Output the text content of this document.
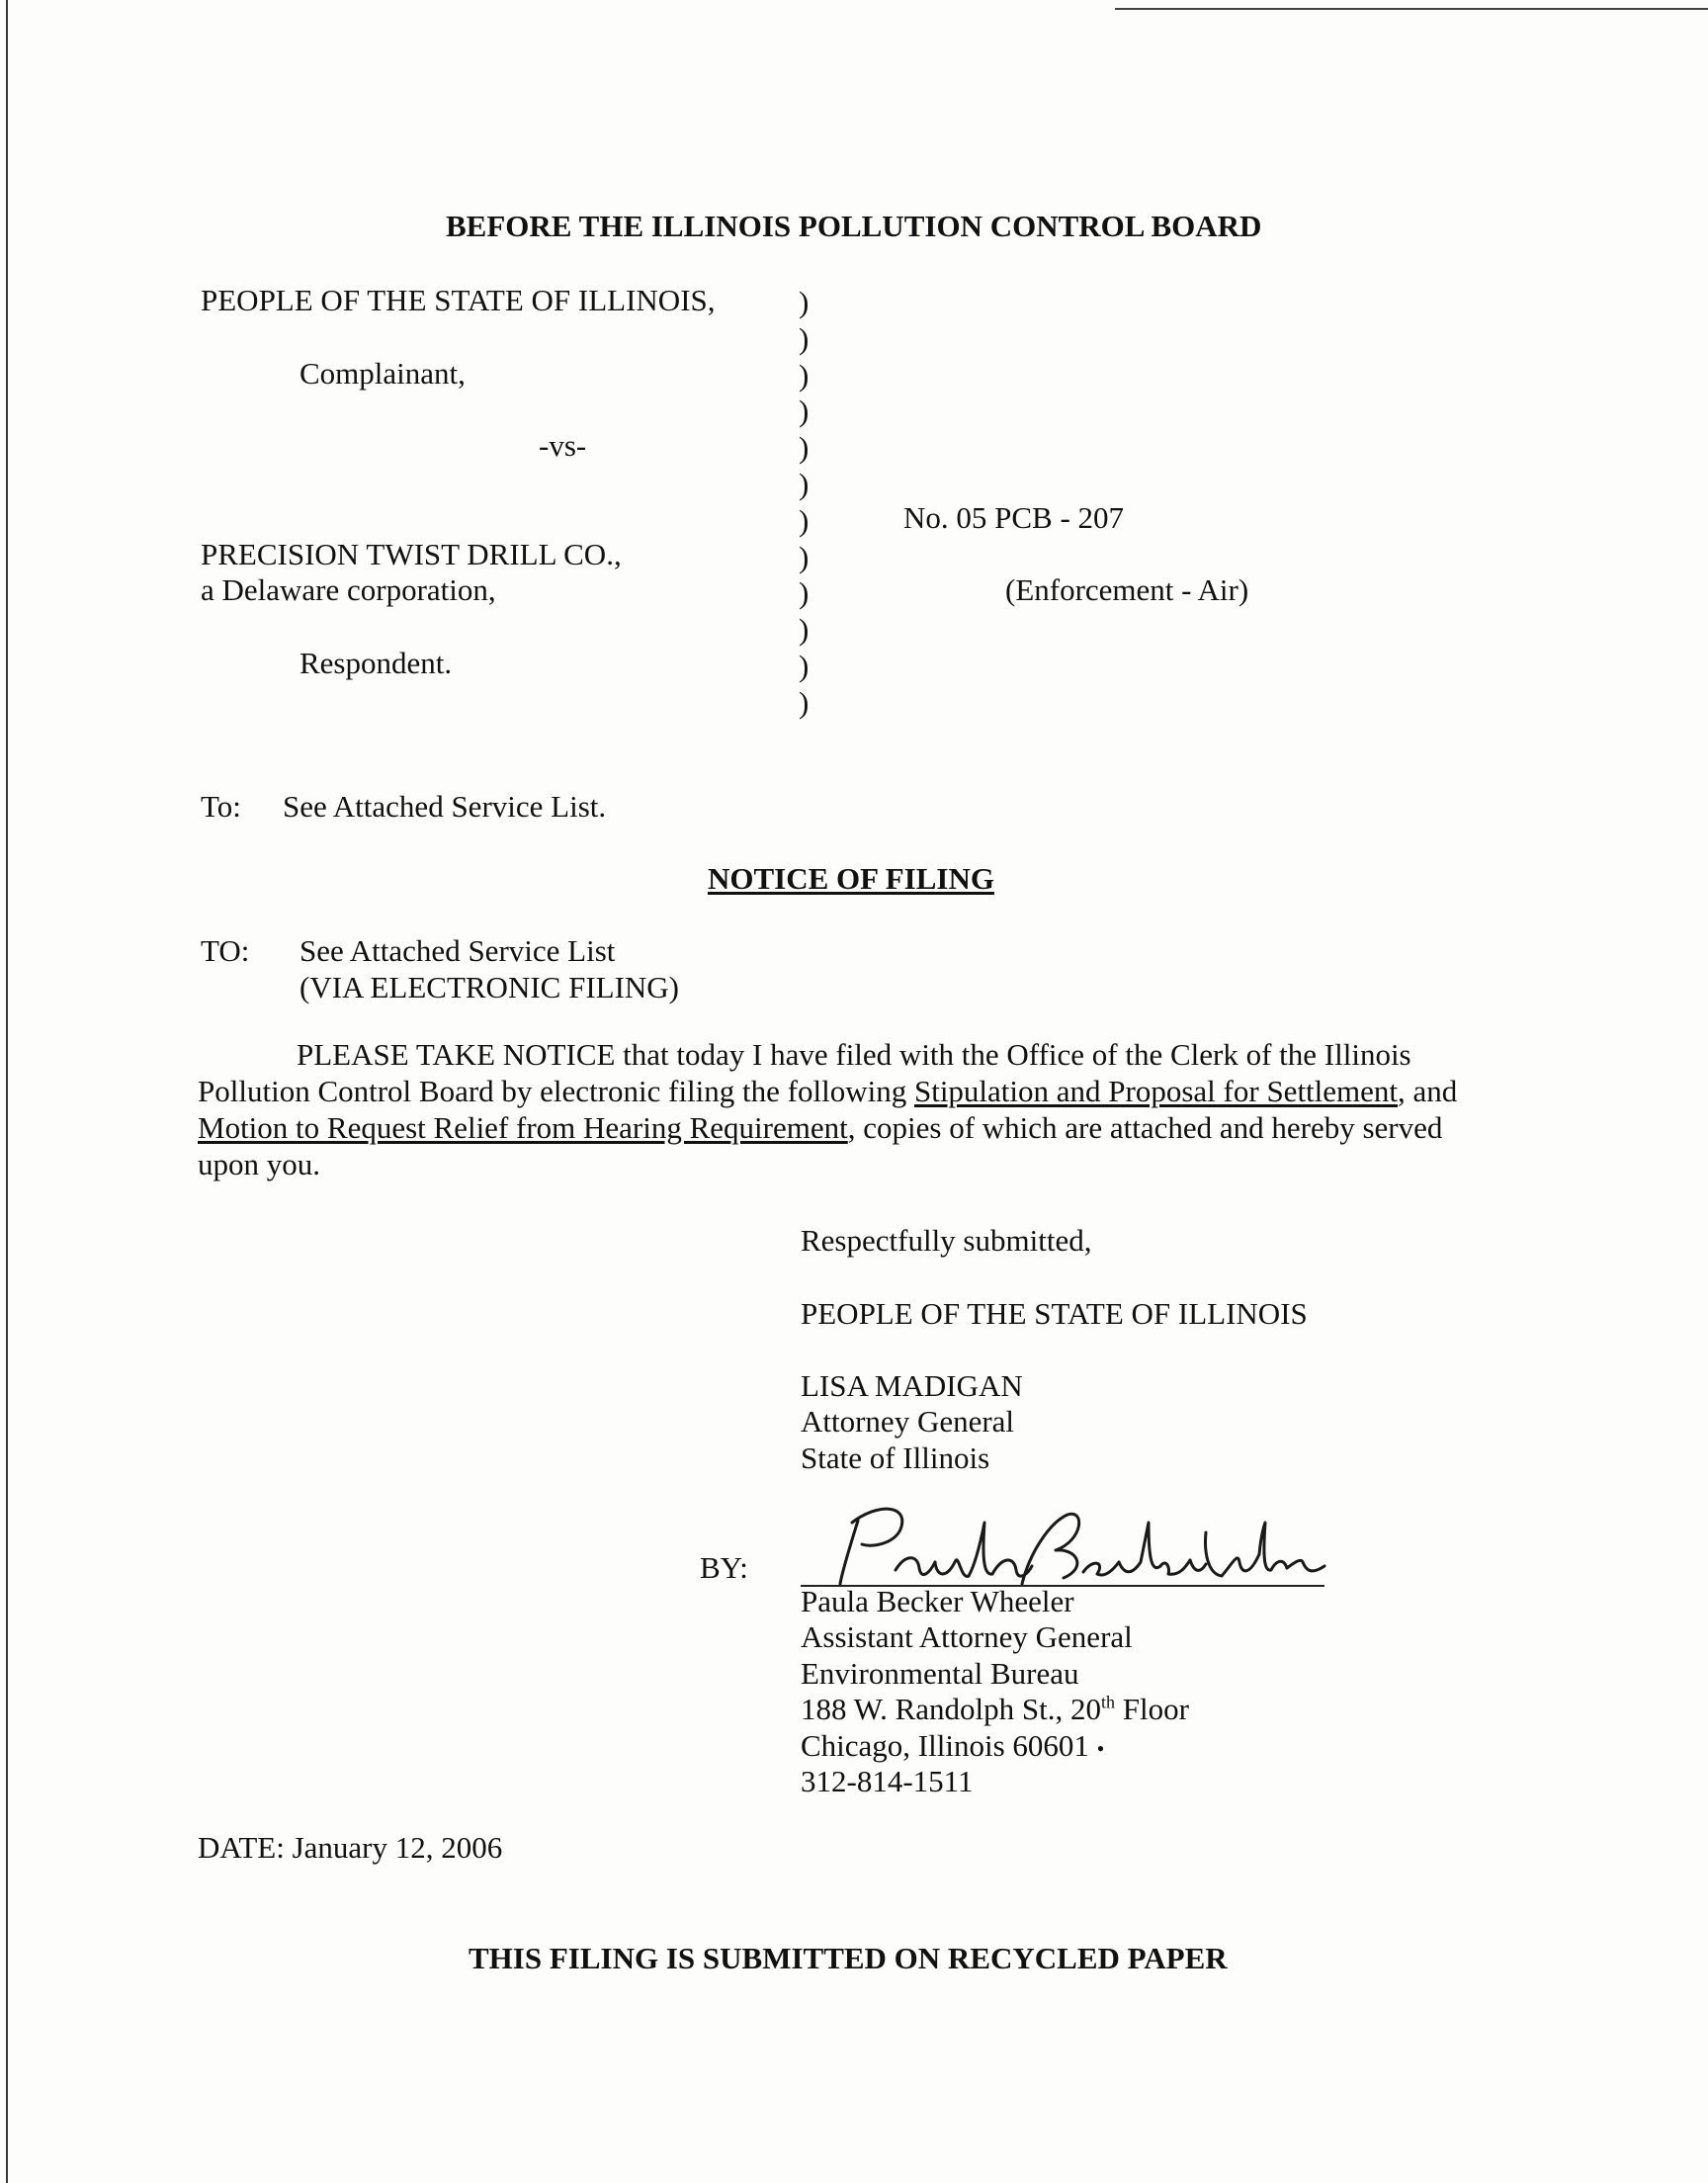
BEFORE THE ILLINOIS POLLUTION CONTROL BOARD
PEOPLE OF THE STATE OF ILLINOIS,
Complainant,
-vs-
PRECISION TWIST DRILL CO.,
a Delaware corporation,
Respondent.
)
)
)
)
)
)
)
)
)
)
)
)
No. 05 PCB - 207
(Enforcement - Air)
To: See Attached Service List.
NOTICE OF FILING
TO: See Attached Service List
(VIA ELECTRONIC FILING)
PLEASE TAKE NOTICE that today I have filed with the Office of the Clerk of the Illinois
Pollution Control Board by electronic filing the following Stipulation and Proposal for Settlement, and
Motion to Request Relief from Hearing Requirement, copies of which are attached and hereby served
upon you.
Respectfully submitted,
PEOPLE OF THE STATE OF ILLINOIS
LISA MADIGAN
Attorney General
State of Illinois
BY:
Paula Becker Wheeler
Paula Becker Wheeler
Assistant Attorney General
Environmental Bureau
188 W. Randolph St., 20th Floor
Chicago, Illinois 60601 •
312-814-1511
DATE: January 12, 2006
THIS FILING IS SUBMITTED ON RECYCLED PAPER
